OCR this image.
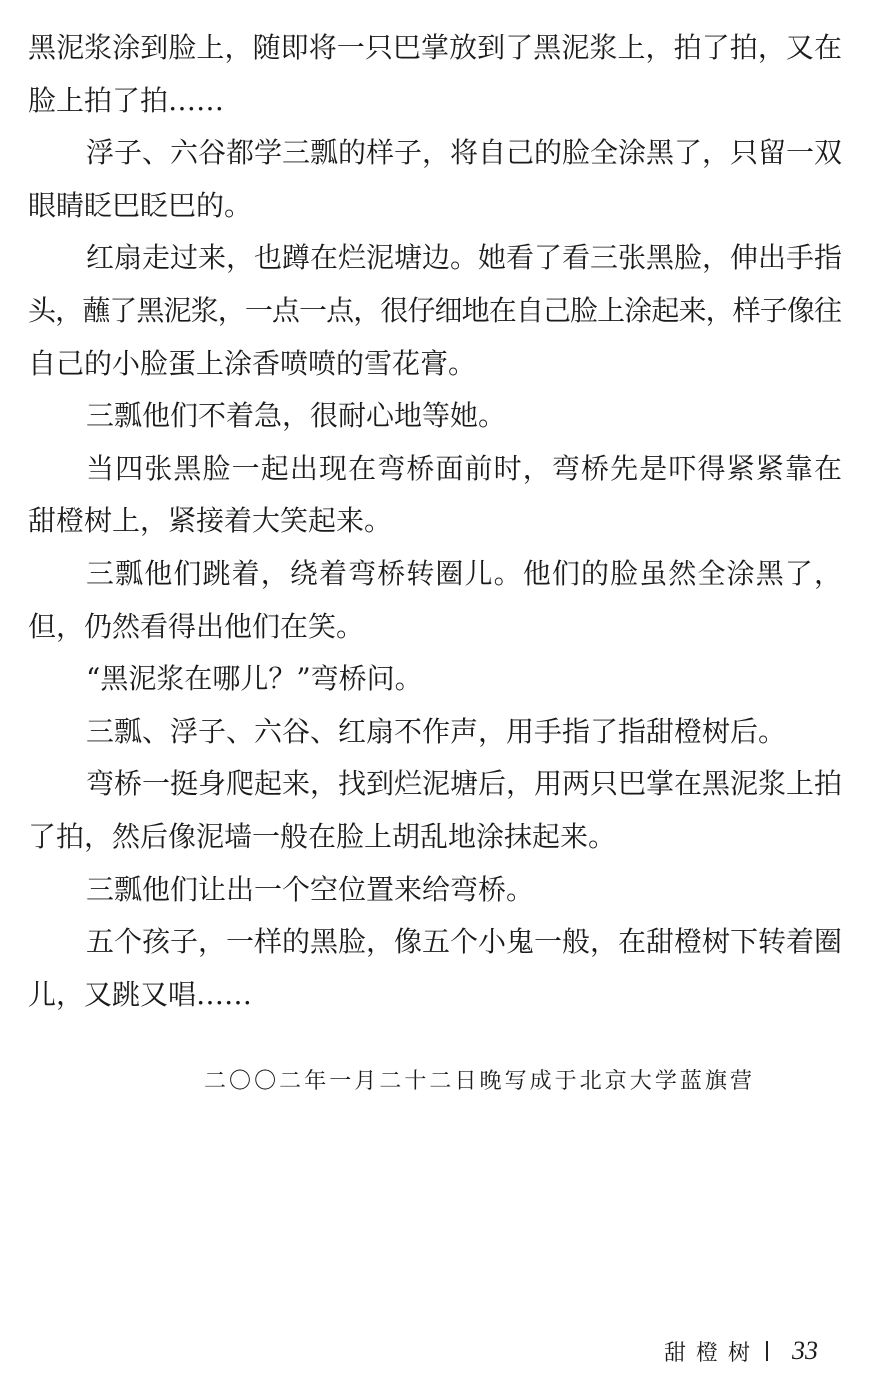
黑泥浆涂到脸上，随即将一只巴掌放到了黑泥浆上，拍了拍，又在
脸上拍了拍……
浮子、六谷都学三瓢的样子，将自己的脸全涂黑了，只留一双
眼睛眨巴眨巴的。
红扇走过来，也蹲在烂泥塘边。她看了看三张黑脸，伸出手指
头，蘸了黑泥浆，一点一点，很仔细地在自己脸上涂起来，样子像往
自己的小脸蛋上涂香喷喷的雪花膏。
三瓢他们不着急，很耐心地等她。
当四张黑脸一起出现在弯桥面前时，弯桥先是吓得紧紧靠在
甜橙树上，紧接着大笑起来。
三瓢他们跳着，绕着弯桥转圈儿。他们的脸虽然全涂黑了，
但，仍然看得出他们在笑。
“黑泥浆在哪儿？”弯桥问。
三瓢、浮子、六谷、红扇不作声，用手指了指甜橙树后。
弯桥一挺身爬起来，找到烂泥塘后，用两只巴掌在黑泥浆上拍
了拍，然后像泥墙一般在脸上胡乱地涂抹起来。
三瓢他们让出一个空位置来给弯桥。
五个孩子，一样的黑脸，像五个小鬼一般，在甜橙树下转着圈
儿，又跳又唱……
二〇〇二年一月二十二日晚写成于北京大学蓝旗营
甜橙树 33
